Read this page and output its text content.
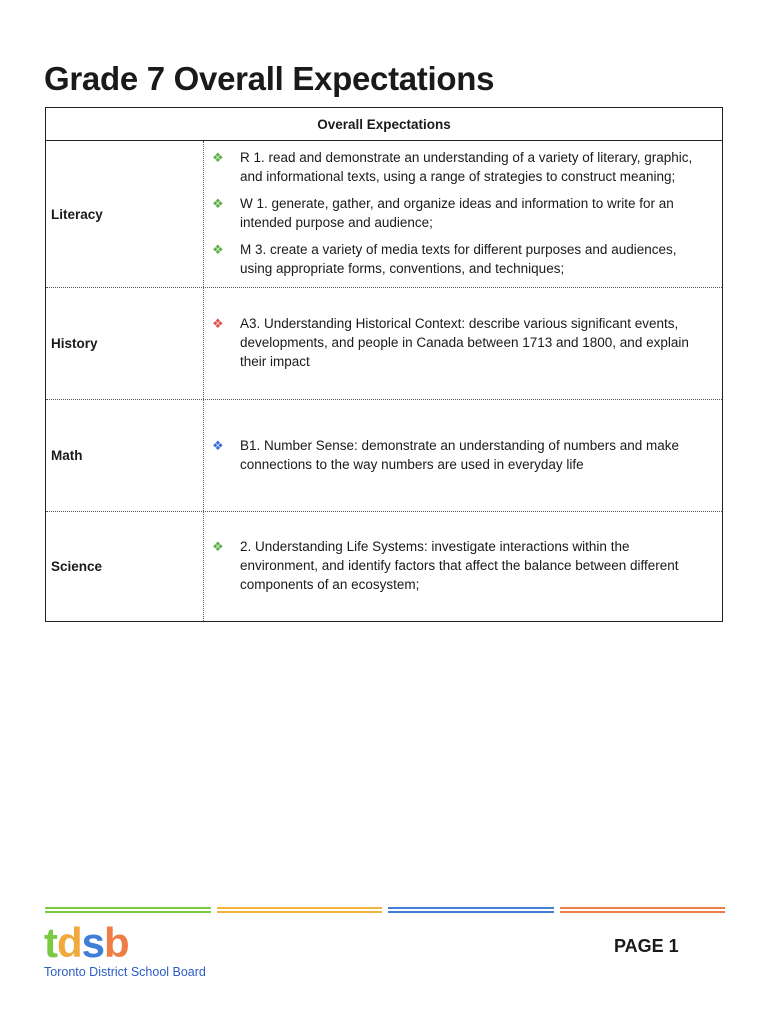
Grade 7 Overall Expectations
Overall Expectations
Literacy
❖	R 1. read and demonstrate an understanding of a variety of literary, graphic, and informational texts, using a range of strategies to construct meaning;
❖	W 1. generate, gather, and organize ideas and information to write for an intended purpose and audience;
❖	M 3. create a variety of media texts for different purposes and audiences, using appropriate forms, conventions, and techniques;
History
❖	A3. Understanding Historical Context: describe various significant events, developments, and people in Canada between 1713 and 1800, and explain their impact
Math
❖	B1. Number Sense: demonstrate an understanding of numbers and make connections to the way numbers are used in everyday life
Science
❖	2. Understanding Life Systems: investigate interactions within the environment, and identify factors that affect the balance between different components of an ecosystem;
tdsb
Toronto District School Board
PAGE 1
